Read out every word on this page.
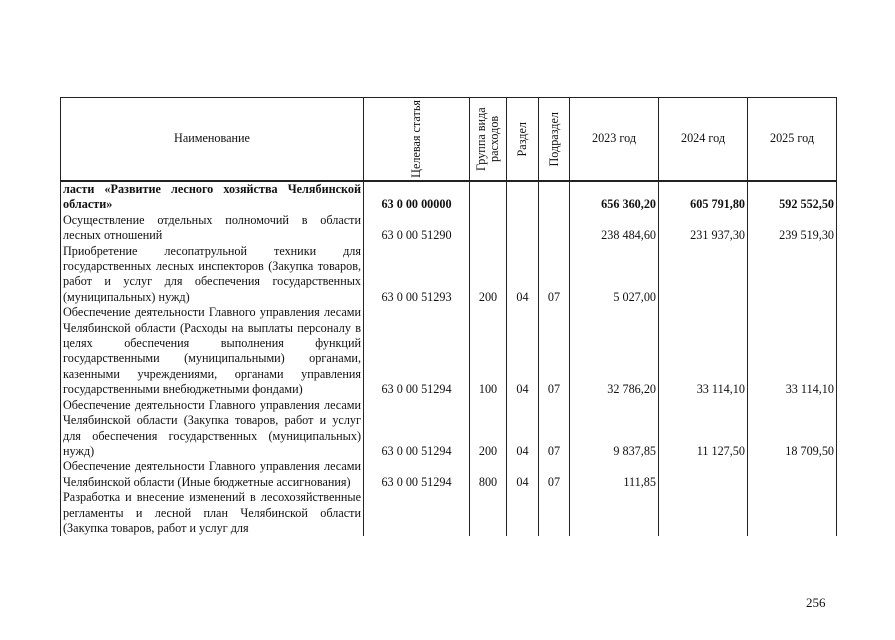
Наименование	Целевая статья	Группа вида расходов	Раздел	Подраздел	2023 год	2024 год	2025 год
ласти «Развитие лесного хозяйства Челябинской области»	63 0 00 00000				656 360,20	605 791,80	592 552,50
Осуществление отдельных полномочий в области лесных отношений	63 0 00 51290				238 484,60	231 937,30	239 519,30
Приобретение лесопатрульной техники для государственных лесных инспекторов (Закупка товаров, работ и услуг для обеспечения государственных (муниципальных) нужд)	63 0 00 51293	200	04	07	5 027,00		
Обеспечение деятельности Главного управления лесами Челябинской области (Расходы на выплаты персоналу в целях обеспечения выполнения функций государственными (муниципальными) органами, казенными учреждениями, органами управления государственными внебюджетными фондами)	63 0 00 51294	100	04	07	32 786,20	33 114,10	33 114,10
Обеспечение деятельности Главного управления лесами Челябинской области (Закупка товаров, работ и услуг для обеспечения государственных (муниципальных) нужд)	63 0 00 51294	200	04	07	9 837,85	11 127,50	18 709,50
Обеспечение деятельности Главного управления лесами Челябинской области (Иные бюджетные ассигнования)	63 0 00 51294	800	04	07	111,85		
Разработка и внесение изменений в лесохозяйственные регламенты и лесной план Челябинской области (Закупка товаров, работ и услуг для							
256
